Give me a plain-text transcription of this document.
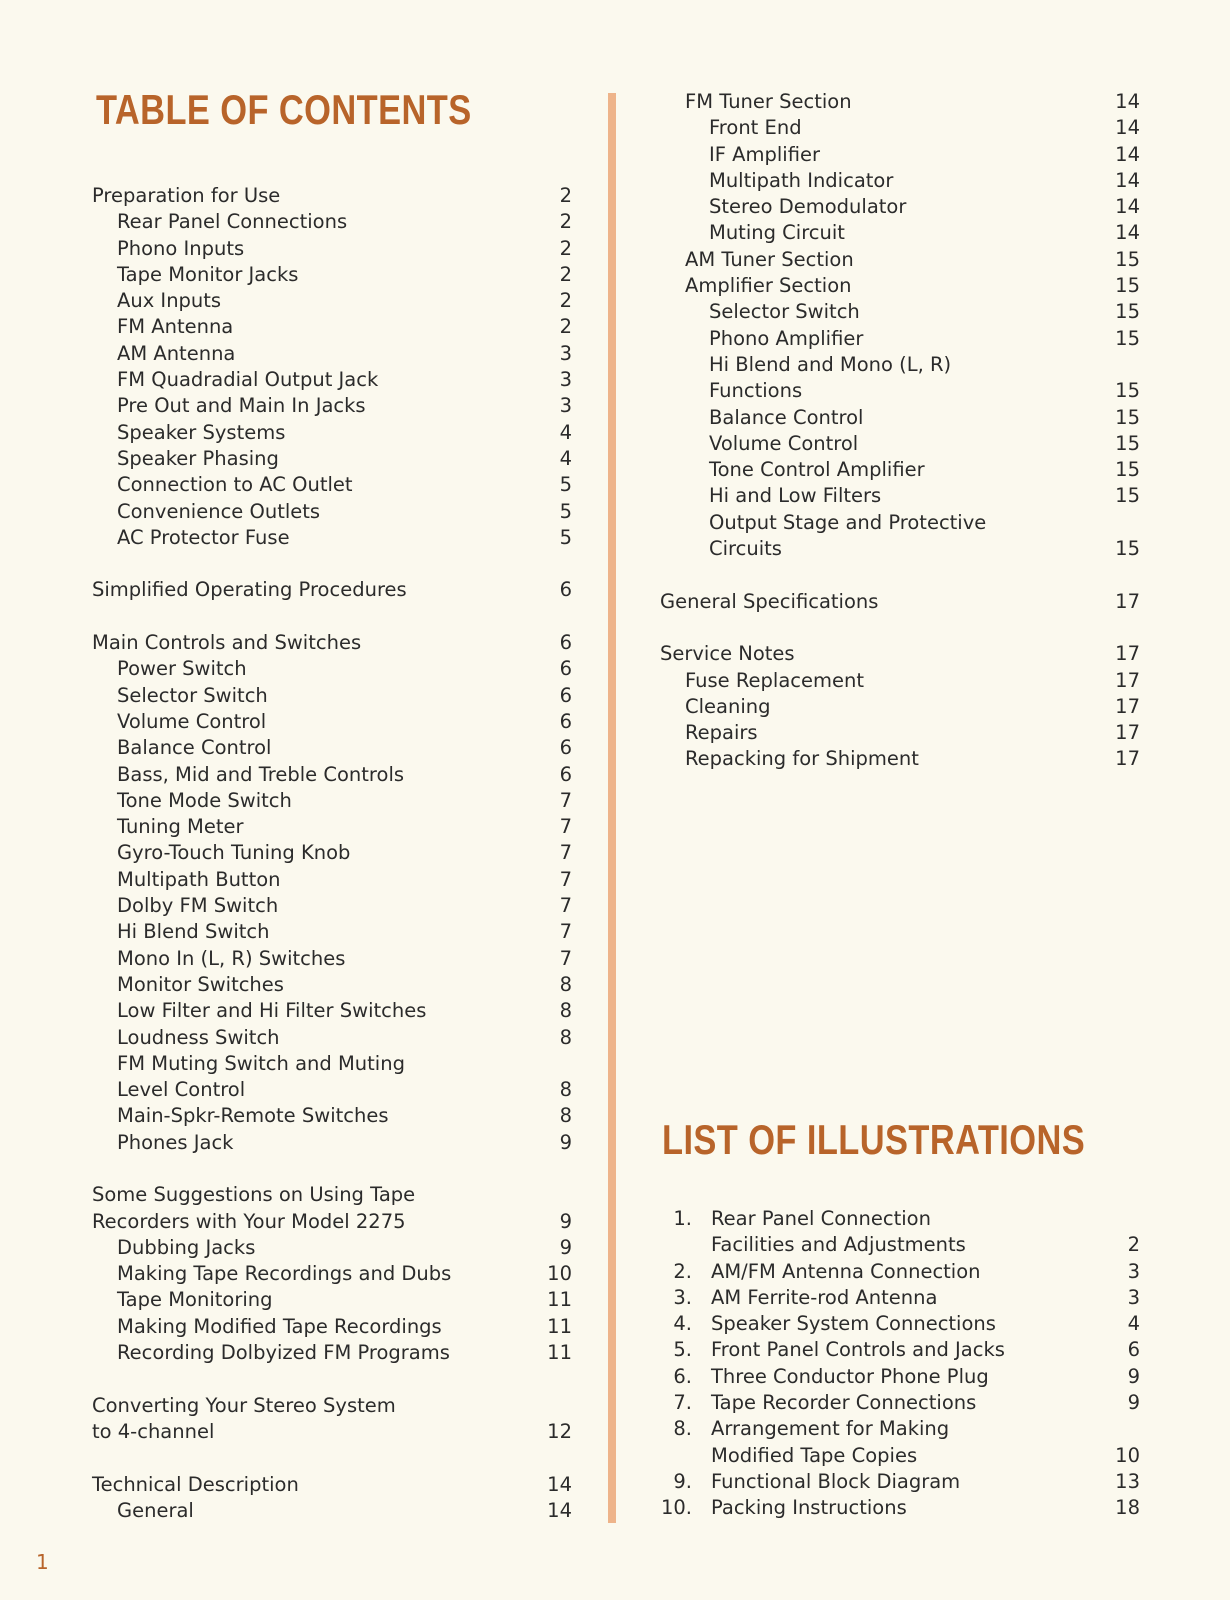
TABLE OF CONTENTS
Preparation for Use	2
Rear Panel Connections	2
Phono Inputs	2
Tape Monitor Jacks	2
Aux Inputs	2
FM Antenna	2
AM Antenna	3
FM Quadradial Output Jack	3
Pre Out and Main In Jacks	3
Speaker Systems	4
Speaker Phasing	4
Connection to AC Outlet	5
Convenience Outlets	5
AC Protector Fuse	5
Simplified Operating Procedures	6
Main Controls and Switches	6
Power Switch	6
Selector Switch	6
Volume Control	6
Balance Control	6
Bass, Mid and Treble Controls	6
Tone Mode Switch	7
Tuning Meter	7
Gyro-Touch Tuning Knob	7
Multipath Button	7
Dolby FM Switch	7
Hi Blend Switch	7
Mono In (L, R) Switches	7
Monitor Switches	8
Low Filter and Hi Filter Switches	8
Loudness Switch	8
FM Muting Switch and Muting
Level Control	8
Main-Spkr-Remote Switches	8
Phones Jack	9
Some Suggestions on Using Tape
Recorders with Your Model 2275	9
Dubbing Jacks	9
Making Tape Recordings and Dubs	10
Tape Monitoring	11
Making Modified Tape Recordings	11
Recording Dolbyized FM Programs	11
Converting Your Stereo System
to 4-channel	12
Technical Description	14
General	14
FM Tuner Section	14
Front End	14
IF Amplifier	14
Multipath Indicator	14
Stereo Demodulator	14
Muting Circuit	14
AM Tuner Section	15
Amplifier Section	15
Selector Switch	15
Phono Amplifier	15
Hi Blend and Mono (L, R)
Functions	15
Balance Control	15
Volume Control	15
Tone Control Amplifier	15
Hi and Low Filters	15
Output Stage and Protective
Circuits	15
General Specifications	17
Service Notes	17
Fuse Replacement	17
Cleaning	17
Repairs	17
Repacking for Shipment	17
LIST OF ILLUSTRATIONS
1. Rear Panel Connection
Facilities and Adjustments	2
2. AM/FM Antenna Connection	3
3. AM Ferrite-rod Antenna	3
4. Speaker System Connections	4
5. Front Panel Controls and Jacks	6
6. Three Conductor Phone Plug	9
7. Tape Recorder Connections	9
8. Arrangement for Making
Modified Tape Copies	10
9. Functional Block Diagram	13
10. Packing Instructions	18
1
